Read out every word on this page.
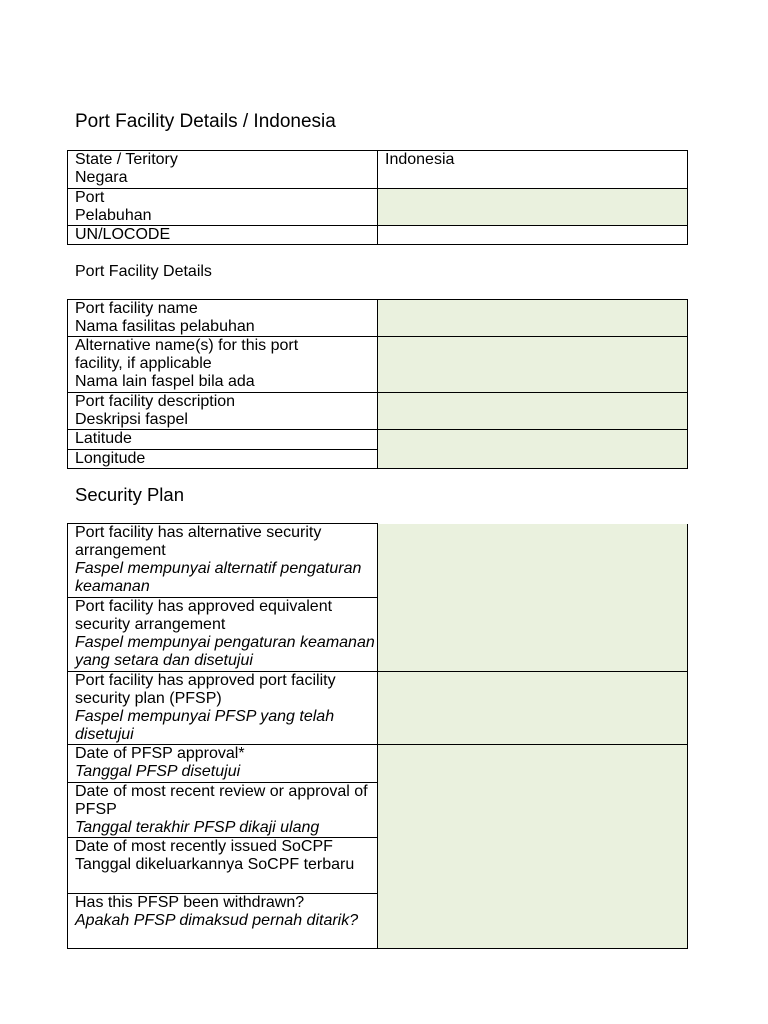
Port Facility Details / Indonesia
State / Teritory
Negara	Indonesia

Port
Pelabuhan	

UN/LOCODE	

Port Facility Details
Port facility name
Nama fasilitas pelabuhan	

Alternative name(s) for this port facility, if applicable
Nama lain faspel bila ada	

Port facility description
Deskripsi faspel	

Latitude	

Longitude	
Security Plan
Port facility has alternative security arrangement
Faspel mempunyai alternatif pengaturan keamanan	

Port facility has approved equivalent security arrangement
Faspel mempunyai pengaturan keamanan yang setara dan disetujui	

Port facility has approved port facility security plan (PFSP)
Faspel mempunyai PFSP yang telah disetujui	

Date of PFSP approval*
Tanggal PFSP disetujui	

Date of most recent review or approval of PFSP
Tanggal terakhir PFSP dikaji ulang	

Date of most recently issued SoCPF
Tanggal dikeluarkannya SoCPF terbaru	

Has this PFSP been withdrawn?
Apakah PFSP dimaksud pernah ditarik?	
